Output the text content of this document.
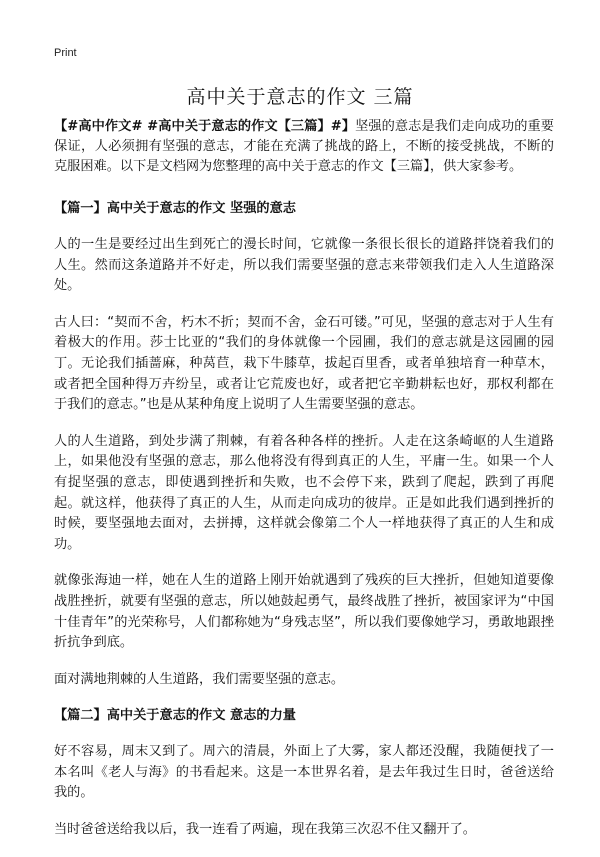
Print
高中关于意志的作文 三篇

【#高中作文# #高中关于意志的作文【三篇】#】坚强的意志是我们走向成功的重要保证，人必须拥有坚强的意志，才能在充满了挑战的路上，不断的接受挑战，不断的克服困难。以下是文档网为您整理的高中关于意志的作文【三篇】，供大家参考。

【篇一】高中关于意志的作文 坚强的意志

人的一生是要经过出生到死亡的漫长时间，它就像一条很长很长的道路拌饶着我们的人生。然而这条道路并不好走，所以我们需要坚强的意志来带领我们走入人生道路深处。

古人曰：“契而不舍，朽木不折；契而不舍，金石可镂。”可见，坚强的意志对于人生有着极大的作用。莎士比亚的“我们的身体就像一个园圃，我们的意志就是这园圃的园丁。无论我们插蔷麻，种莴苣，栽下牛膝草，拔起百里香，或者单独培育一种草木，或者把全国种得万卉纷呈，或者让它荒废也好，或者把它辛勤耕耘也好，那权利都在于我们的意志。”也是从某种角度上说明了人生需要坚强的意志。

人的人生道路，到处步满了荆棘，有着各种各样的挫折。人走在这条崎岖的人生道路上，如果他没有坚强的意志，那么他将没有得到真正的人生，平庸一生。如果一个人有捉坚强的意志，即使遇到挫折和失败，也不会停下来，跌到了爬起，跌到了再爬起。就这样，他获得了真正的人生，从而走向成功的彼岸。正是如此我们遇到挫折的时候，要坚强地去面对，去拼搏，这样就会像第二个人一样地获得了真正的人生和成功。

就像张海迪一样，她在人生的道路上刚开始就遇到了残疾的巨大挫折，但她知道要像战胜挫折，就要有坚强的意志，所以她鼓起勇气，最终战胜了挫折，被国家评为“中国十佳青年”的光荣称号，人们都称她为“身残志坚”，所以我们要像她学习，勇敢地跟挫折抗争到底。

面对满地荆棘的人生道路，我们需要坚强的意志。

【篇二】高中关于意志的作文 意志的力量

好不容易，周末又到了。周六的清晨，外面上了大雾，家人都还没醒，我随便找了一本名叫《老人与海》的书看起来。这是一本世界名着，是去年我过生日时，爸爸送给我的。

当时爸爸送给我以后，我一连看了两遍，现在我第三次忍不住又翻开了。
